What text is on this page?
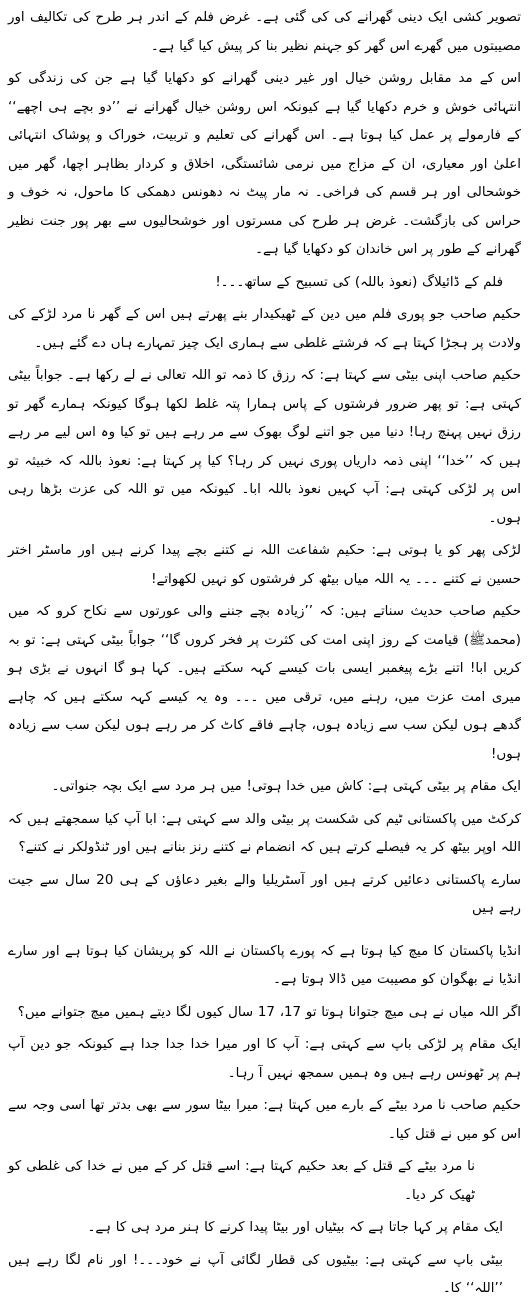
تصویر کشی ایک دینی گھرانے کی کی گئی ہے۔ غرض فلم کے اندر ہر طرح کی تکالیف اور مصیبتوں میں گھرے اس گھر کو جہنم نظیر بنا کر پیش کیا گیا ہے۔

اس کے مد مقابل روشن خیال اور غیر دینی گھرانے کو دکھایا گیا ہے جن کی زندگی کو انتہائی خوش و خرم دکھایا گیا ہے کیونکہ اس روشن خیال گھرانے نے ’’دو بچے ہی اچھے‘‘ کے فارمولے پر عمل کیا ہوتا ہے۔ اس گھرانے کی تعلیم و تربیت، خوراک و پوشاک انتہائی اعلیٰ اور معیاری، ان کے مزاج میں نرمی شائستگی، اخلاق و کردار بظاہر اچھا، گھر میں خوشحالی اور ہر قسم کی فراخی۔ نہ مار پیٹ نہ دھونس دھمکی کا ماحول، نہ خوف و حراس کی بازگشت۔ غرض ہر طرح کی مسرتوں اور خوشحالیوں سے بھر پور جنت نظیر گھرانے کے طور پر اس خاندان کو دکھایا گیا ہے۔

فلم کے ڈائیلاگ (نعوذ باللہ) کی تسبیح کے ساتھ۔۔۔!

حکیم صاحب جو پوری فلم میں دین کے ٹھیکیدار بنے پھرتے ہیں اس کے گھر نا مرد لڑکے کی ولادت پر ہجڑا کہتا ہے کہ فرشتے غلطی سے ہماری ایک چیز تمہارے ہاں دے گئے ہیں۔

حکیم صاحب اپنی بیٹی سے کہتا ہے: کہ رزق کا ذمہ تو اللہ تعالی نے لے رکھا ہے۔ جواباً بیٹی کہتی ہے: تو پھر ضرور فرشتوں کے پاس ہمارا پتہ غلط لکھا ہوگا کیونکہ ہمارے گھر تو رزق نہیں پہنچ رہا! دنیا میں جو اتنے لوگ بھوک سے مر رہے ہیں تو کیا وہ اس لیے مر رہے ہیں کہ ’’خدا‘‘ اپنی ذمہ داریاں پوری نہیں کر رہا؟ کیا پر کہتا ہے: نعوذ باللہ کہ خبیثہ تو اس پر لڑکی کہتی ہے: آپ کہیں نعوذ باللہ ابا۔ کیونکہ میں تو اللہ کی عزت بڑھا رہی ہوں۔

لڑکی پھر کو یا ہوتی ہے: حکیم شفاعت اللہ نے کتنے بچے پیدا کرنے ہیں اور ماسٹر اختر حسین نے کتنے ۔۔۔ یہ اللہ میاں بیٹھ کر فرشتوں کو نہیں لکھواتے!

حکیم صاحب حدیث سناتے ہیں: کہ ’’زیادہ بچے جننے والی عورتوں سے نکاح کرو کہ میں (محمدﷺ) قیامت کے روز اپنی امت کی کثرت پر فخر کروں گا‘‘ جواباً بیٹی کہتی ہے: تو بہ کریں ابا! اتنے بڑے پیغمبر ایسی بات کیسے کہہ سکتے ہیں۔ کہا ہو گا انہوں نے بڑی ہو میری امت عزت میں، رہنے میں، ترقی میں ۔۔۔ وہ یہ کیسے کہہ سکتے ہیں کہ چاہے گدھے ہوں لیکن سب سے زیادہ ہوں، چاہے فاقے کاٹ کر مر رہے ہوں لیکن سب سے زیادہ ہوں!

ایک مقام پر بیٹی کہتی ہے: کاش میں خدا ہوتی! میں ہر مرد سے ایک بچہ جنواتی۔

کرکٹ میں پاکستانی ٹیم کی شکست پر بیٹی والد سے کہتی ہے: ابا آپ کیا سمجھتے ہیں کہ اللہ اوپر بیٹھ کر یہ فیصلے کرتے ہیں کہ انضمام نے کتنے رنز بنانے ہیں اور ٹنڈولکر نے کتنے؟

سارے پاکستانی دعائیں کرتے ہیں اور آسٹریلیا والے بغیر دعاؤں کے ہی 20 سال سے جیت رہے ہیں

انڈیا پاکستان کا میچ کیا ہوتا ہے کہ پورے پاکستان نے اللہ کو پریشان کیا ہوتا ہے اور سارے انڈیا نے بھگوان کو مصیبت میں ڈالا ہوتا ہے۔

اگر اللہ میاں نے ہی میچ جتوانا ہوتا تو 17، 17 سال کیوں لگا دیتے ہمیں میچ جتوانے میں؟

ایک مقام پر لڑکی باپ سے کہتی ہے: آپ کا اور میرا خدا جدا جدا ہے کیونکہ جو دین آپ ہم پر ٹھونس رہے ہیں وہ ہمیں سمجھ نہیں آ رہا۔

حکیم صاحب نا مرد بیٹے کے بارے میں کہتا ہے: میرا بیٹا سور سے بھی بدتر تھا اسی وجہ سے اس کو میں نے قتل کیا۔

نا مرد بیٹے کے قتل کے بعد حکیم کہتا ہے: اسے قتل کر کے میں نے خدا کی غلطی کو ٹھیک کر دیا۔

ایک مقام پر کہا جاتا ہے کہ بیٹیاں اور بیٹا پیدا کرنے کا ہنر مرد ہی کا ہے۔

بیٹی باپ سے کہتی ہے: بیٹیوں کی قطار لگائی آپ نے خود۔۔۔! اور نام لگا رہے ہیں ’’اللہ‘‘ کا۔
